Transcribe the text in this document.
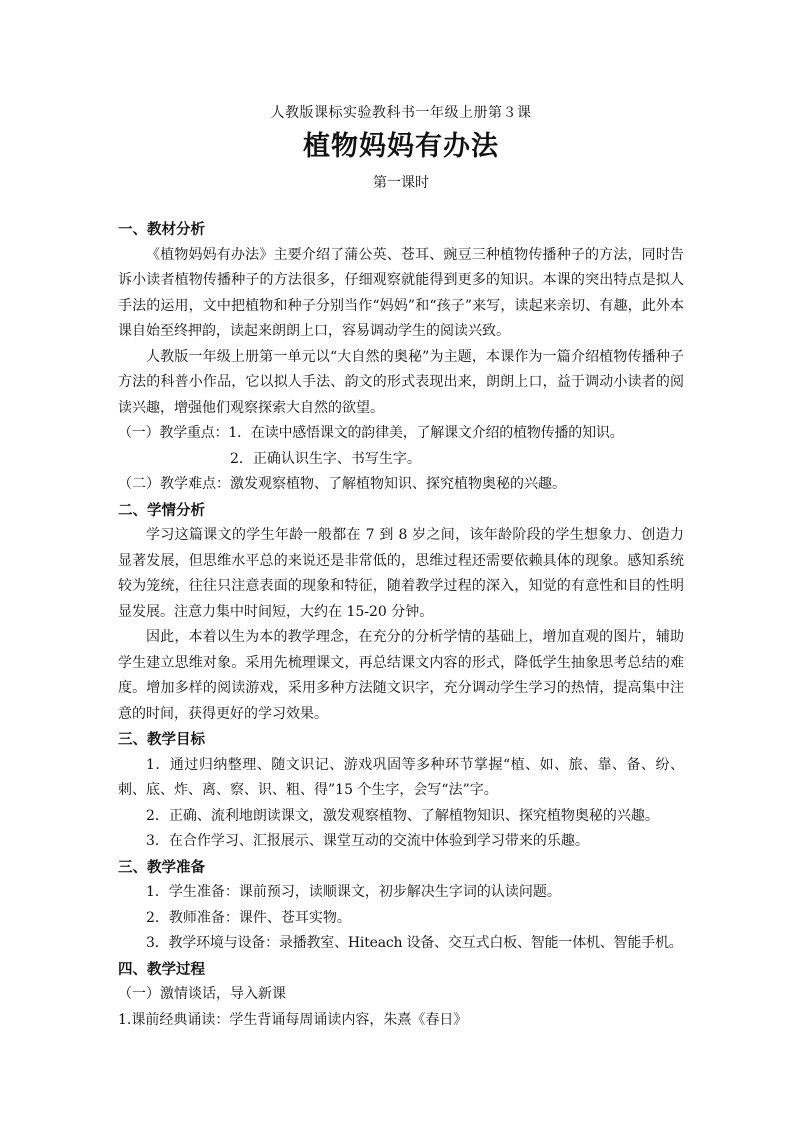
人教版课标实验教科书一年级上册第３课
植物妈妈有办法
第一课时

一、教材分析

《植物妈妈有办法》主要介绍了蒲公英、苍耳、豌豆三种植物传播种子的方法，同时告诉小读者植物传播种子的方法很多，仔细观察就能得到更多的知识。本课的突出特点是拟人手法的运用，文中把植物和种子分别当作“妈妈”和“孩子”来写，读起来亲切、有趣，此外本课自始至终押韵，读起来朗朗上口，容易调动学生的阅读兴致。

人教版一年级上册第一单元以“大自然的奥秘”为主题，本课作为一篇介绍植物传播种子方法的科普小作品，它以拟人手法、韵文的形式表现出来，朗朗上口，益于调动小读者的阅读兴趣，增强他们观察探索大自然的欲望。

（一）教学重点：1．在读中感悟课文的韵律美，了解课文介绍的植物传播的知识。

2．正确认识生字、书写生字。

（二）教学难点：激发观察植物、了解植物知识、探究植物奥秘的兴趣。

二、学情分析

学习这篇课文的学生年龄一般都在 7 到 8 岁之间，该年龄阶段的学生想象力、创造力显著发展，但思维水平总的来说还是非常低的，思维过程还需要依赖具体的现象。感知系统较为笼统，往往只注意表面的现象和特征，随着教学过程的深入，知觉的有意性和目的性明显发展。注意力集中时间短，大约在 15-20 分钟。

因此，本着以生为本的教学理念，在充分的分析学情的基础上，增加直观的图片，辅助学生建立思维对象。采用先梳理课文，再总结课文内容的形式，降低学生抽象思考总结的难度。增加多样的阅读游戏，采用多种方法随文识字，充分调动学生学习的热情，提高集中注意的时间，获得更好的学习效果。

三、教学目标

1．通过归纳整理、随文识记、游戏巩固等多种环节掌握“植、如、旅、靠、备、纷、刺、底、炸、离、察、识、粗、得”15 个生字，会写“法”字。

2．正确、流利地朗读课文，激发观察植物、了解植物知识、探究植物奥秘的兴趣。

3．在合作学习、汇报展示、课堂互动的交流中体验到学习带来的乐趣。

三、教学准备

1．学生准备：课前预习，读顺课文，初步解决生字词的认读问题。

2．教师准备：课件、苍耳实物。

3．教学环境与设备：录播教室、Hiteach 设备、交互式白板、智能一体机、智能手机。

四、教学过程

（一）激情谈话，导入新课

1.课前经典诵读：学生背诵每周诵读内容，朱熹《春日》
